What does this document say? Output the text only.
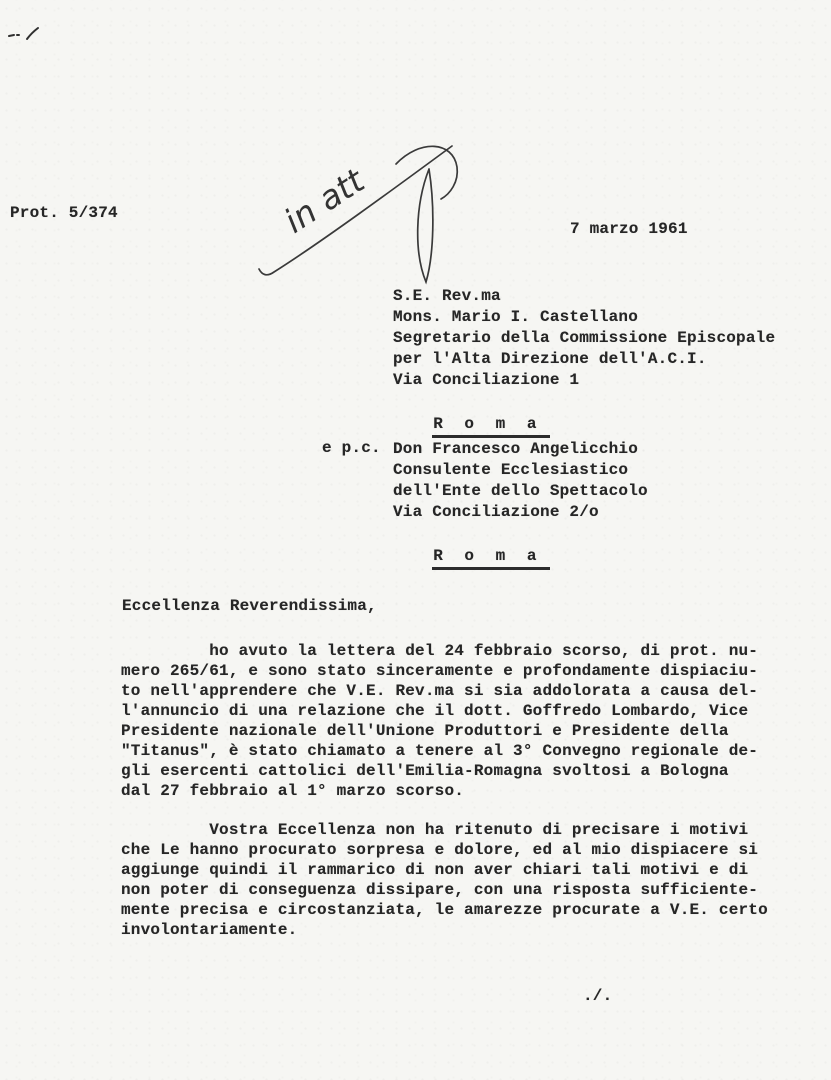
Prot. 5/374	in att	7 marzo 1961
S.E. Rev.ma
Mons. Mario I. Castellano
Segretario della Commissione Episcopale
per l'Alta Direzione dell'A.C.I.
Via Conciliazione 1

R o m a

e p.c. Don Francesco Angelicchio
Consulente Ecclesiastico
dell'Ente dello Spettacolo
Via Conciliazione 2/o

R o m a

Eccellenza Reverendissima,
ho avuto la lettera del 24 febbraio scorso, di prot. nu-
mero 265/61, e sono stato sinceramente e profondamente dispiaciu-
to nell'apprendere che V.E. Rev.ma si sia addolorata a causa del-
l'annuncio di una relazione che il dott. Goffredo Lombardo, Vice
Presidente nazionale dell'Unione Produttori e Presidente della
"Titanus", è stato chiamato a tenere al 3° Convegno regionale de-
gli esercenti cattolici dell'Emilia-Romagna svoltosi a Bologna
dal 27 febbraio al 1° marzo scorso.
Vostra Eccellenza non ha ritenuto di precisare i motivi
che Le hanno procurato sorpresa e dolore, ed al mio dispiacere si
aggiunge quindi il rammarico di non aver chiari tali motivi e di
non poter di conseguenza dissipare, con una risposta sufficiente-
mente precisa e circostanziata, le amarezze procurate a V.E. certo
involontariamente.
./.
